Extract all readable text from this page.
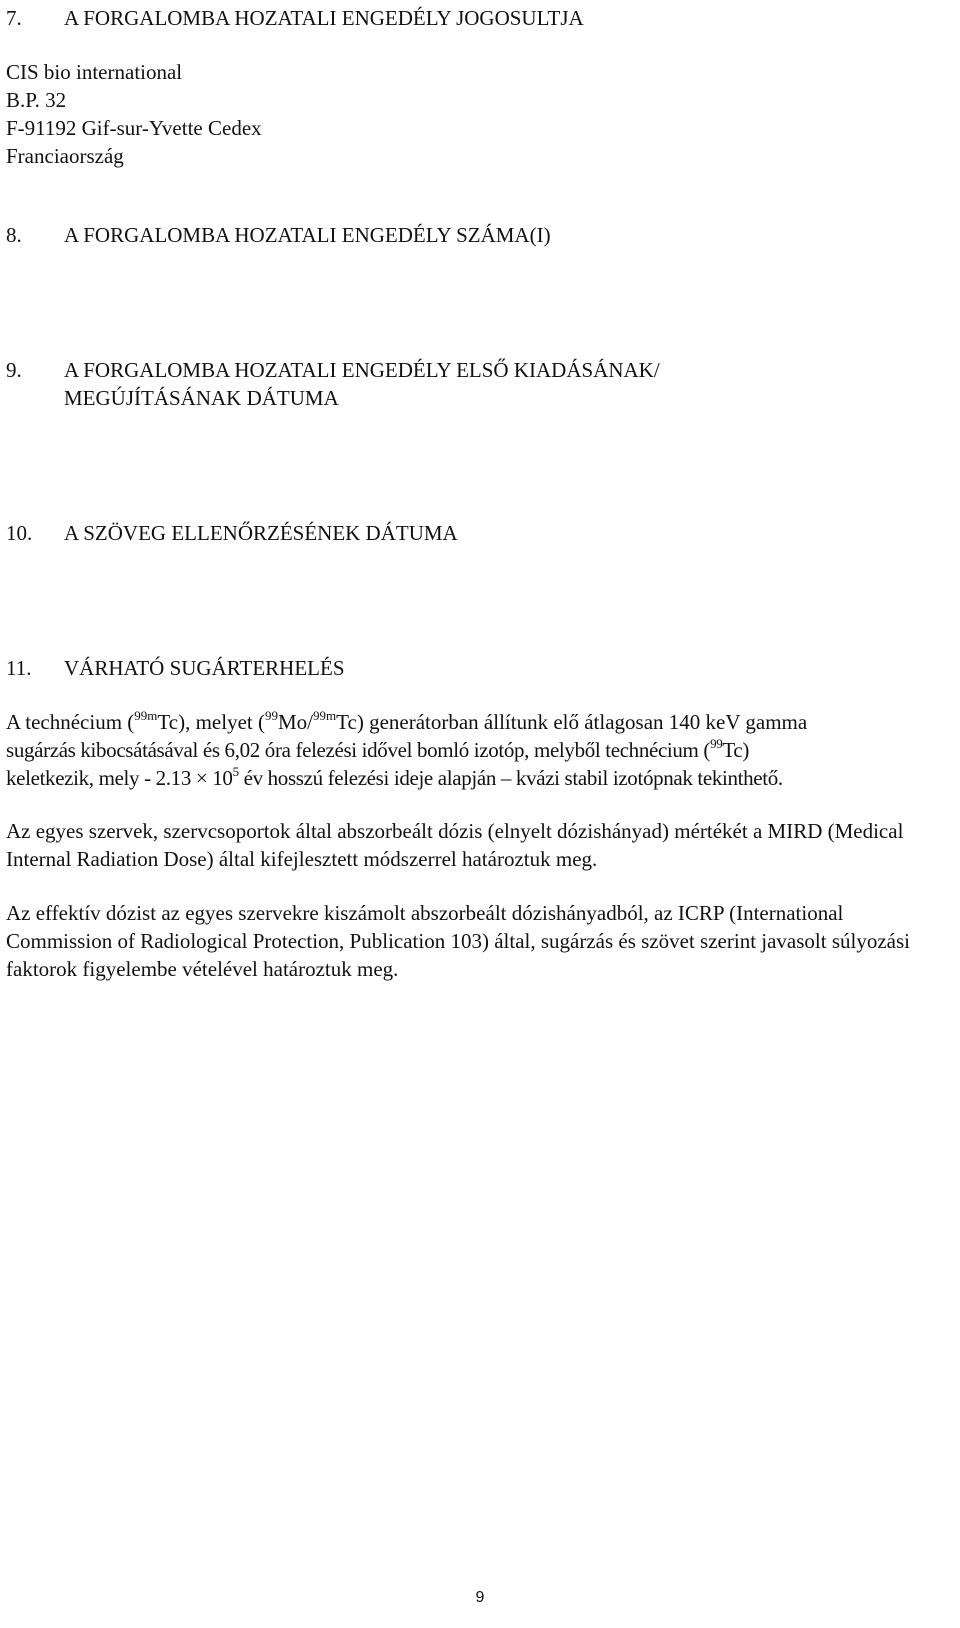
7.	A FORGALOMBA HOZATALI ENGEDÉLY JOGOSULTJA
CIS bio international
B.P. 32
F-91192 Gif-sur-Yvette Cedex
Franciaország
8.	A FORGALOMBA HOZATALI ENGEDÉLY SZÁMA(I)
9.	A FORGALOMBA HOZATALI ENGEDÉLY ELSŐ KIADÁSÁNAK/
MEGÚJÍTÁSÁNAK DÁTUMA
10.	A SZÖVEG ELLENŐRZÉSÉNEK DÁTUMA
11.	VÁRHATÓ SUGÁRTERHELÉS
A technécium ($^{99m}$Tc), melyet ($^{99}$Mo/$^{99m}$Tc) generátorban állítunk elő átlagosan 140 keV gamma
sugárzás kibocsátásával és 6,02 óra felezési idővel bomló izotóp, melyből technécium ($^{99}$Tc)
keletkezik, mely - $2.13 \times 10^5$ év hosszú felezési ideje alapján – kvázi stabil izotópnak tekinthető.

Az egyes szervek, szervcsoportok által abszorbeált dózis (elnyelt dózishányad) mértékét a MIRD (Medical Internal Radiation Dose) által kifejlesztett módszerrel határoztuk meg.

Az effektív dózist az egyes szervekre kiszámolt abszorbeált dózishányadból, az ICRP (International Commission of Radiological Protection, Publication 103) által, sugárzás és szövet szerint javasolt súlyozási faktorok figyelembe vételével határoztuk meg.

9
